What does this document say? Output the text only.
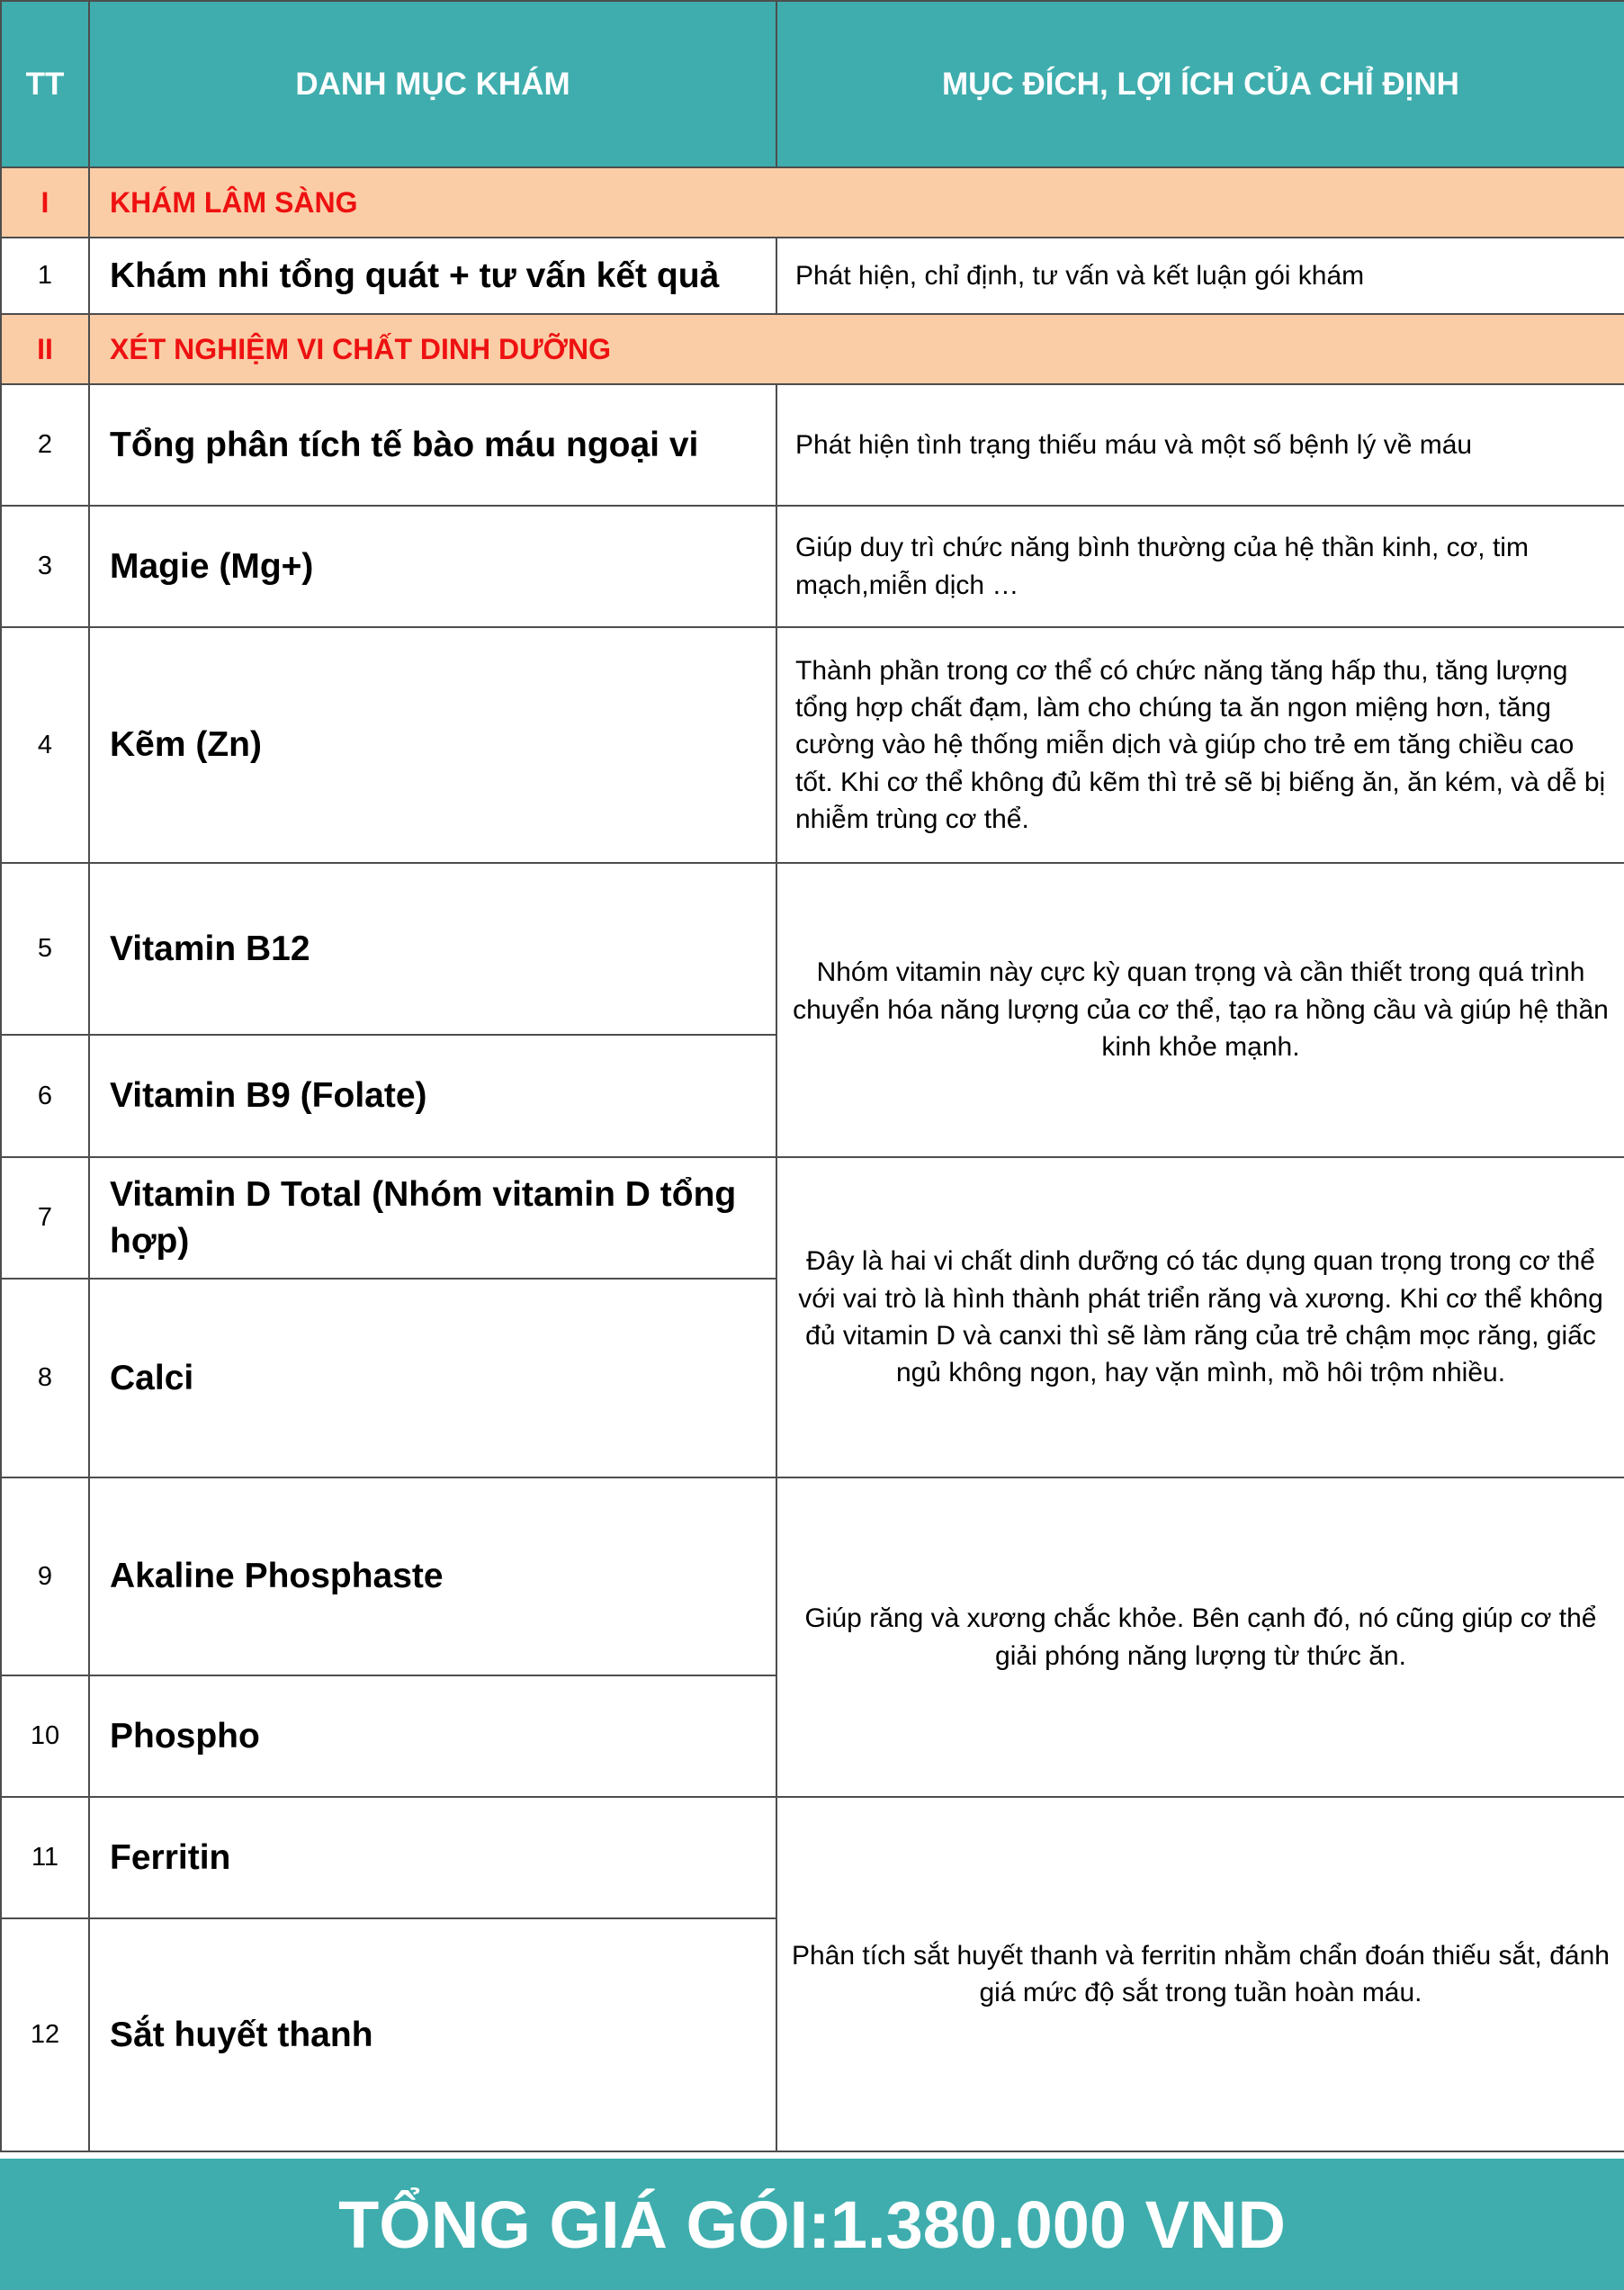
TT	DANH MỤC KHÁM	MỤC ĐÍCH, LỢI ÍCH CỦA CHỈ ĐỊNH
I	KHÁM LÂM SÀNG	
1	Khám nhi tổng quát + tư vấn kết quả	Phát hiện, chỉ định, tư vấn và kết luận gói khám
II	XÉT NGHIỆM VI CHẤT DINH DƯỠNG	
2	Tổng phân tích tế bào máu ngoại vi	Phát hiện tình trạng thiếu máu và một số bệnh lý về máu
3	Magie (Mg+)	Giúp duy trì chức năng bình thường của hệ thần kinh, cơ, tim mạch,miễn dịch …
4	Kẽm (Zn)	Thành phần trong cơ thể có chức năng tăng hấp thu, tăng lượng tổng hợp chất đạm, làm cho chúng ta ăn ngon miệng hơn, tăng cường vào hệ thống miễn dịch và giúp cho trẻ em tăng chiều cao tốt. Khi cơ thể không đủ kẽm thì trẻ sẽ bị biếng ăn, ăn kém, và dễ bị nhiễm trùng cơ thể.
5	Vitamin B12	Nhóm vitamin này cực kỳ quan trọng và cần thiết trong quá trình chuyển hóa năng lượng của cơ thể, tạo ra hồng cầu và giúp hệ thần kinh khỏe mạnh.
6	Vitamin B9 (Folate)	
7	Vitamin D Total (Nhóm vitamin D tổng hợp)	Đây là hai vi chất dinh dưỡng có tác dụng quan trọng trong cơ thể với vai trò là hình thành phát triển răng và xương. Khi cơ thể không đủ vitamin D và canxi thì sẽ làm răng của trẻ chậm mọc răng, giấc ngủ không ngon, hay vặn mình, mồ hôi trộm nhiều.
8	Calci	
9	Akaline Phosphaste	Giúp răng và xương chắc khỏe. Bên cạnh đó, nó cũng giúp cơ thể giải phóng năng lượng từ thức ăn.
10	Phospho	
11	Ferritin	Phân tích sắt huyết thanh và ferritin nhằm chẩn đoán thiếu sắt, đánh giá mức độ sắt trong tuần hoàn máu.
12	Sắt huyết thanh	
TỔNG GIÁ GÓI : 1.380.000 VND
